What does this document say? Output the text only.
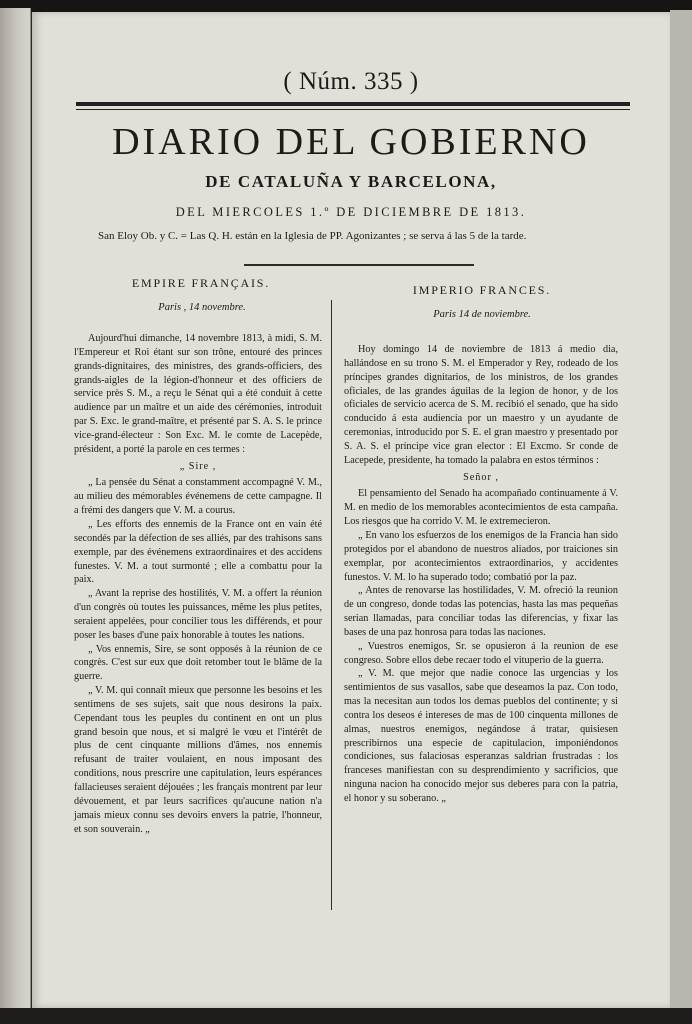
( Núm. 335 )
DIARIO DEL GOBIERNO
DE CATALUÑA Y BARCELONA,
DEL MIERCOLES 1.º DE DICIEMBRE DE 1813.
San Eloy Ob. y C. = Las Q. H. están en la Iglesia de PP. Agonizantes ; se serva á las 5 de la tarde.
EMPIRE FRANÇAIS.
Paris , 14 novembre.
IMPERIO FRANCES.
Paris 14 de noviembre.

Aujourd'hui dimanche, 14 novembre 1813, à midi, S. M. l'Empereur et Roi étant sur son trône, entouré des princes grands-dignitaires, des ministres, des grands-officiers, des grands-aigles de la légion-d'honneur et des officiers de service près S. M., a reçu le Sénat qui a été conduit à cette audience par un maître et un aide des cérémonies, introduit par S. Exc. le grand-maître, et présenté par S. A. S. le prince vice-grand-électeur : Son Exc. M. le comte de Lacepède, président, a porté la parole en ces termes :

„ Sire ,

„ La pensée du Sénat a constamment accompagné V. M., au milieu des mémorables événemens de cette campagne. Il a frémi des dangers que V. M. a courus.

„ Les efforts des ennemis de la France ont en vain été secondés par la défection de ses alliés, par des trahisons sans exemple, par des événemens extraordinaires et des accidens funestes. V. M. a tout surmonté ; elle a combattu pour la paix.

„ Avant la reprise des hostilités, V. M. a offert la réunion d'un congrès où toutes les puissances, même les plus petites, seraient appelées, pour concilier tous les différends, et pour poser les bases d'une paix honorable à toutes les nations.

„ Vos ennemis, Sire, se sont opposés à la réunion de ce congrès. C'est sur eux que doit retomber tout le blâme de la guerre.

„ V. M. qui connaît mieux que personne les besoins et les sentimens de ses sujets, sait que nous desirons la paix. Cependant tous les peuples du continent en ont un plus grand besoin que nous, et si malgré le vœu et l'intérêt de plus de cent cinquante millions d'âmes, nos ennemis refusant de traiter voulaient, en nous imposant des conditions, nous prescrire une capitulation, leurs espérances fallacieuses seraient déjouées ; les français montrent par leur dévouement, et par leurs sacrifices qu'aucune nation n'a jamais mieux connu ses devoirs envers la patrie, l'honneur, et son souverain. „

Hoy domingo 14 de noviembre de 1813 á medio dia, hallándose en su trono S. M. el Emperador y Rey, rodeado de los príncipes grandes dignitarios, de los ministros, de los grandes oficiales, de las grandes águilas de la legion de honor, y de los oficiales de servicio acerca de S. M. recibió el senado, que ha sido conducido á esta audiencia por un maestro y un ayudante de ceremonias, introducido por S. E. el gran maestro y presentado por S. A. S. el príncipe vice gran elector : El Excmo. Sr conde de Lacepede, presidente, ha tomado la palabra en estos términos :

Señor ,

El pensamiento del Senado ha acompañado continuamente á V. M. en medio de los memorables acontecimientos de esta campaña. Los riesgos que ha corrido V. M. le extremecieron.

„ En vano los esfuerzos de los enemigos de la Francia han sido protegidos por el abandono de nuestros aliados, por traiciones sin exemplar, por acontecimientos extraordinarios, y accidentes funestos. V. M. lo ha superado todo; combatió por la paz.

„ Antes de renovarse las hostilidades, V. M. ofreció la reunion de un congreso, donde todas las potencias, hasta las mas pequeñas serian llamadas, para conciliar todas las diferencias, y fixar las bases de una paz honrosa para todas las naciones.

„ Vuestros enemigos, Sr. se opusieron á la reunion de ese congreso. Sobre ellos debe recaer todo el vituperio de la guerra.

„ V. M. que mejor que nadie conoce las urgencias y los sentimientos de sus vasallos, sabe que deseamos la paz. Con todo, mas la necesitan aun todos los demas pueblos del continente; y si contra los deseos é intereses de mas de 100 cinquenta millones de almas, nuestros enemigos, negándose á tratar, quisiesen prescribirnos una especie de capitulacion, imponiéndonos condiciones, sus falaciosas esperanzas saldrian frustradas : los franceses manifiestan con su desprendimiento y sacrificios, que ninguna nacion ha conocido mejor sus deberes para con la patria, el honor y su soberano. „
